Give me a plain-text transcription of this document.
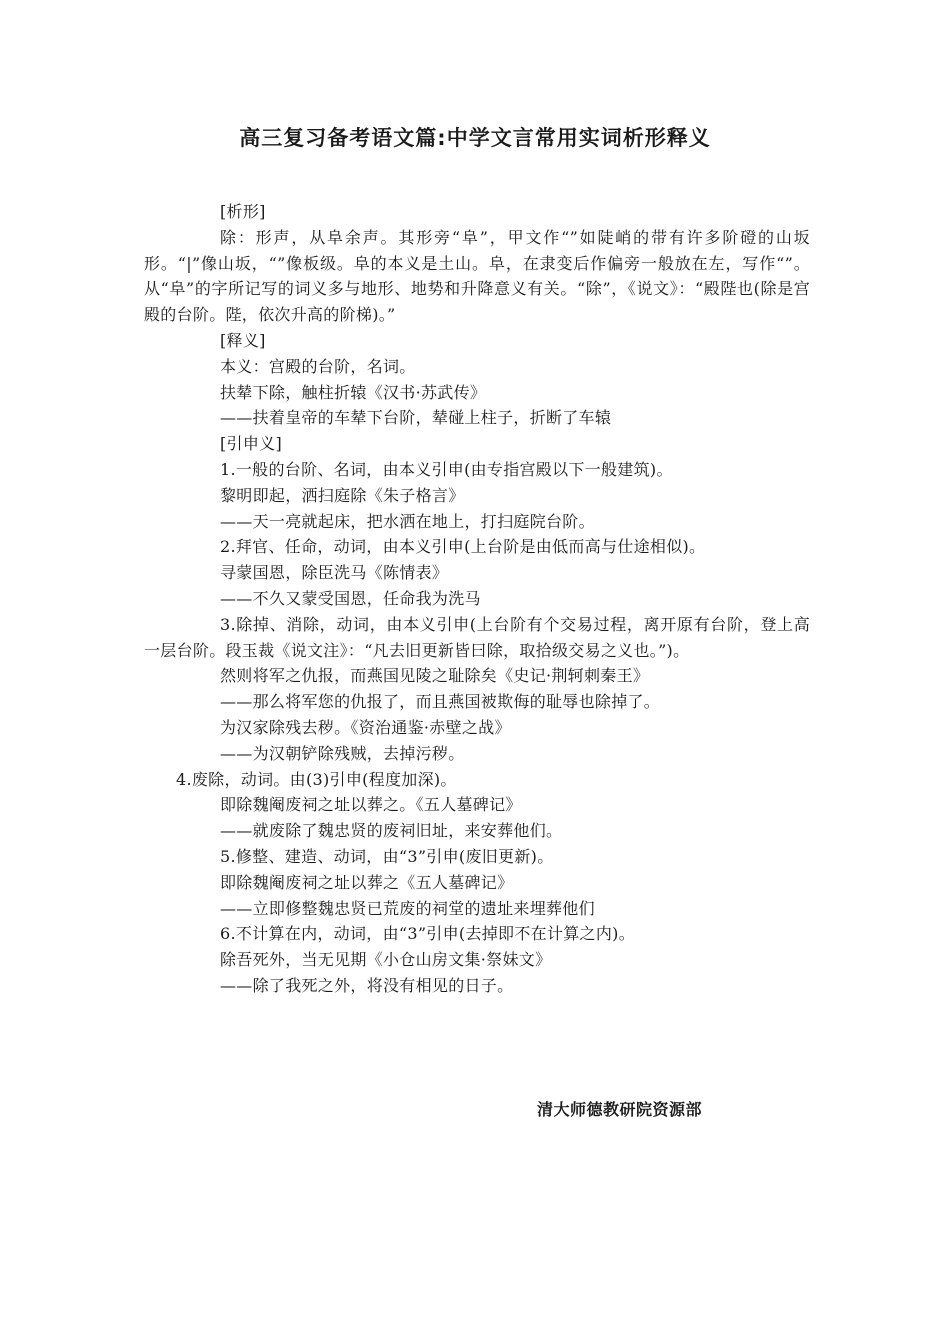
高三复习备考语文篇:中学文言常用实词析形释义

[析形]

除：形声，从阜余声。其形旁“阜”，甲文作“”如陡峭的带有许多阶磴的山坂形。“|”像山坂，“”像板级。阜的本义是土山。阜，在隶变后作偏旁一般放在左，写作“”。从“阜”的字所记写的词义多与地形、地势和升降意义有关。“除”，《说文》：“殿陛也(除是宫殿的台阶。陛，依次升高的阶梯)。”

[释义]

本义：宫殿的台阶，名词。

扶辇下除，触柱折辕《汉书·苏武传》

——扶着皇帝的车辇下台阶，辇碰上柱子，折断了车辕

[引申义]

1.一般的台阶、名词，由本义引申(由专指宫殿以下一般建筑)。

黎明即起，洒扫庭除《朱子格言》

——天一亮就起床，把水洒在地上，打扫庭院台阶。

2.拜官、任命，动词，由本义引申(上台阶是由低而高与仕途相似)。

寻蒙国恩，除臣洗马《陈情表》

——不久又蒙受国恩，任命我为洗马

3.除掉、消除，动词，由本义引申(上台阶有个交易过程，离开原有台阶，登上高一层台阶。段玉裁《说文注》：“凡去旧更新皆曰除，取拾级交易之义也。”)。

然则将军之仇报，而燕国见陵之耻除矣《史记·荆轲刺秦王》

——那么将军您的仇报了，而且燕国被欺侮的耻辱也除掉了。

为汉家除残去秽。《资治通鉴·赤壁之战》

——为汉朝铲除残贼，去掉污秽。

4.废除，动词。由(3)引申(程度加深)。

即除魏阉废祠之址以葬之。《五人墓碑记》

——就废除了魏忠贤的废祠旧址，来安葬他们。

5.修整、建造、动词，由“3”引申(废旧更新)。

即除魏阉废祠之址以葬之《五人墓碑记》

——立即修整魏忠贤已荒废的祠堂的遗址来埋葬他们

6.不计算在内，动词，由“3”引申(去掉即不在计算之内)。

除吾死外，当无见期《小仓山房文集·祭妹文》

——除了我死之外，将没有相见的日子。

清大师德教研院资源部
